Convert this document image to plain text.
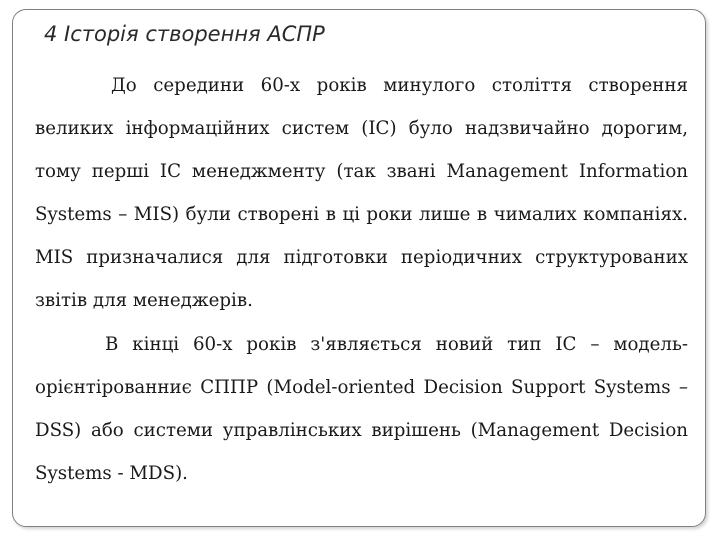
4 Історія створення АСПР

До середини 60-х років минулого століття створення великих інформаційних систем (ІС) було надзвичайно дорогим, тому перші ІС менеджменту (так звані Management Information Systems – MIS) були створені в ці роки лише в чималих компаніях. MIS призначалися для підготовки періодичних структурованих звітів для менеджерів.

В кінці 60-х років з'являється новий тип ІС – модель-орієнтірованниє СППР (Model-oriented Decision Support Systems – DSS) або системи управлінських вирішень (Management Decision Systems - MDS).
